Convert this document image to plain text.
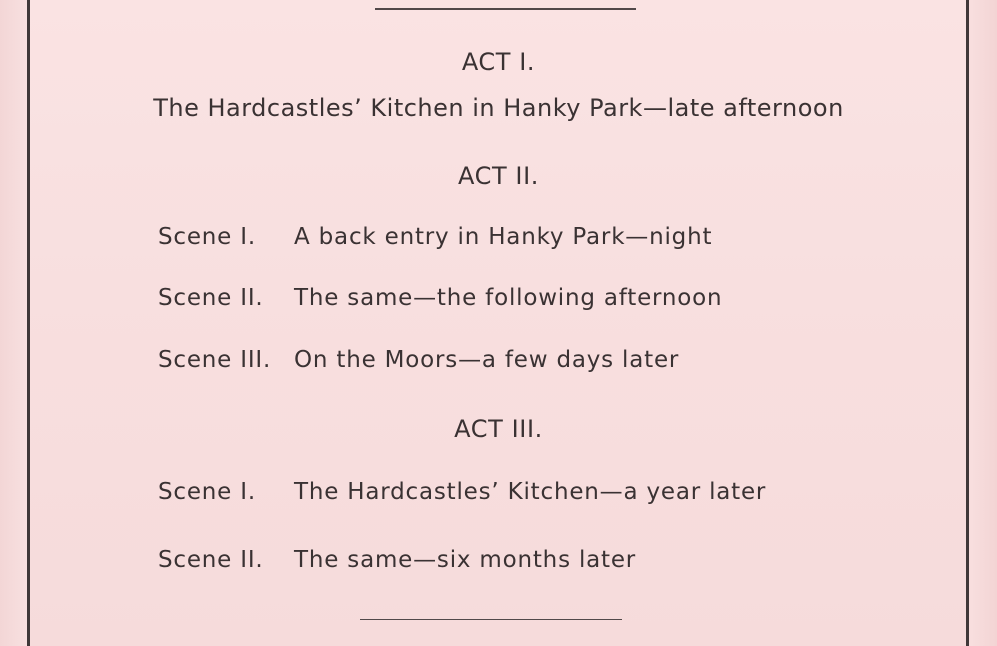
ACT I.
The Hardcastles’ Kitchen in Hanky Park—late afternoon
ACT II.
Scene I.	A back entry in Hanky Park—night
Scene II.	The same—the following afternoon
Scene III. On the Moors—a few days later
ACT III.
Scene I.	The Hardcastles’ Kitchen—a year later
Scene II.	The same—six months later
